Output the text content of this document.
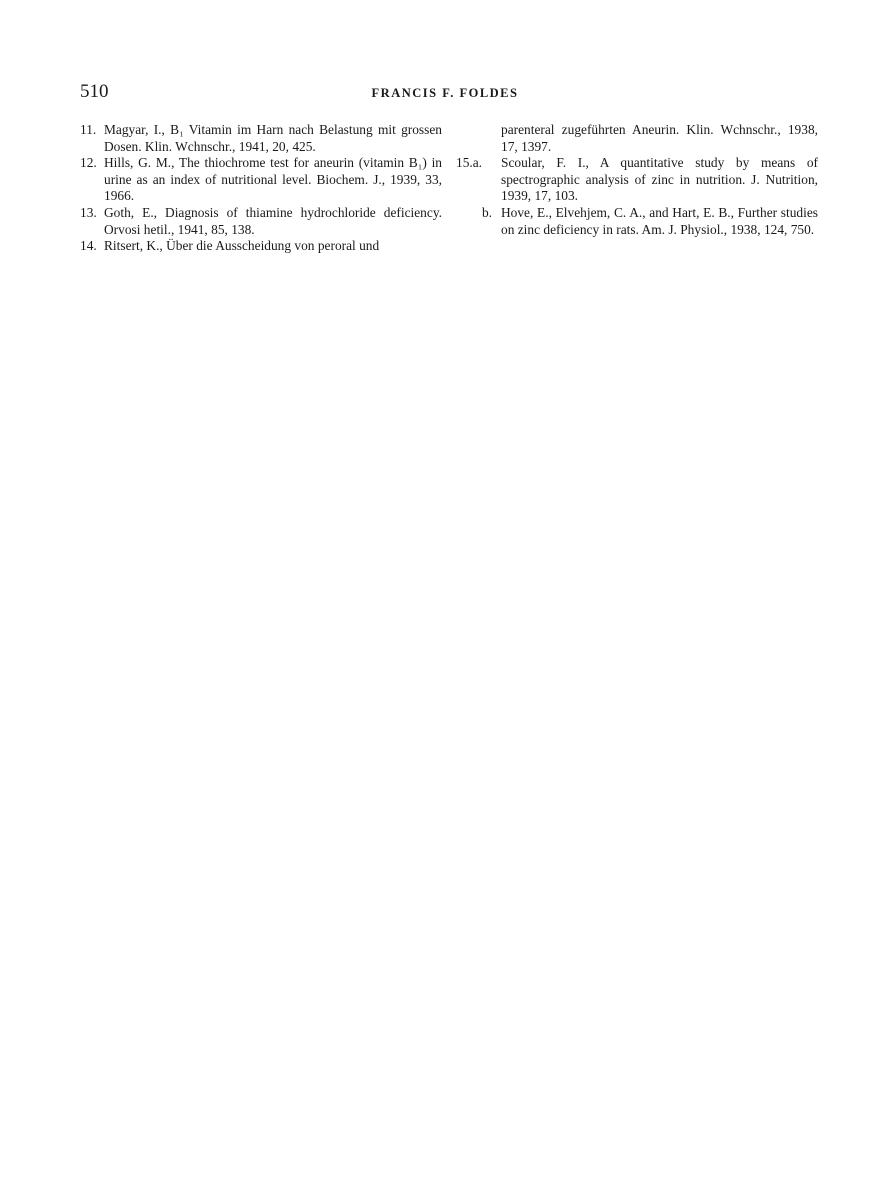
510	FRANCIS F. FOLDES

11. Magyar, I., B₁ Vitamin im Harn nach Belastung mit grossen Dosen. Klin. Wchnschr., 1941, 20, 425.

12. Hills, G. M., The thiochrome test for aneurin (vitamin B₁) in urine as an index of nutritional level. Biochem. J., 1939, 33, 1966.

13. Goth, E., Diagnosis of thiamine hydrochloride deficiency. Orvosi hetil., 1941, 85, 138.

14. Ritsert, K., Über die Ausscheidung von peroral und

parenteral zugeführten Aneurin. Klin. Wchnschr., 1938, 17, 1397.

15.a. Scoular, F. I., A quantitative study by means of spectrographic analysis of zinc in nutrition. J. Nutrition, 1939, 17, 103.

b. Hove, E., Elvehjem, C. A., and Hart, E. B., Further studies on zinc deficiency in rats. Am. J. Physiol., 1938, 124, 750.
